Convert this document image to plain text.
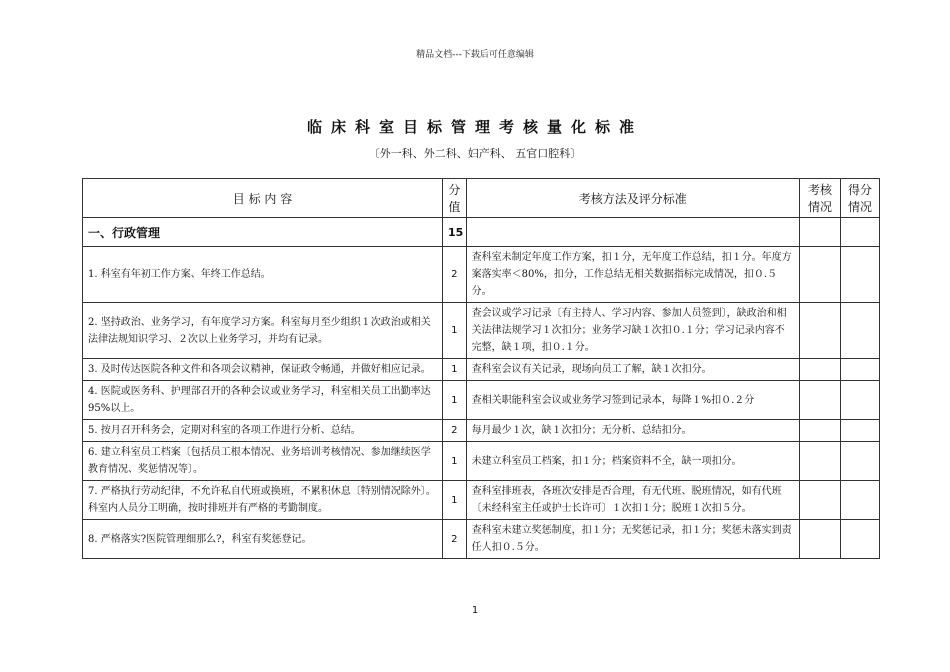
精品文档---下载后可任意编辑
临床科室目标管理考核量化标准
〔外一科、外二科、妇产科、 五官口腔科〕
目 标 内 容	分值	考核方法及评分标准	考核情况	得分情况
一、行政管理	15			
1. 科室有年初工作方案、年终工作总结。	2	查科室未制定年度工作方案，扣１分，无年度工作总结，扣１分。年度方案落实率＜80%，扣分，工作总结无相关数据指标完成情况，扣０.５分。		
2. 坚持政治、业务学习，有年度学习方案。科室每月至少组织１次政治或相关法律法规知识学习、２次以上业务学习，并均有记录。	1	查会议或学习记录〔有主持人、学习内容、参加人员签到〕，缺政治和相关法律法规学习１次扣分；业务学习缺１次扣０.１分；学习记录内容不完整，缺１项，扣０.１分。		
3. 及时传达医院各种文件和各项会议精神，保证政令畅通，并做好相应记录。	1	查科室会议有关记录，现场向员工了解，缺１次扣分。		
4. 医院或医务科、护理部召开的各种会议或业务学习，科室相关员工出勤率达 95%以上。	1	查相关职能科室会议或业务学习签到记录本，每降１%扣０.２分		
5. 按月召开科务会，定期对科室的各项工作进行分析、总结。	2	每月最少１次，缺１次扣分；无分析、总结扣分。		
6. 建立科室员工档案〔包括员工根本情况、业务培训考核情况、参加继续医学教育情况、奖惩情况等〕。	1	未建立科室员工档案，扣１分；档案资料不全，缺一项扣分。		
7. 严格执行劳动纪律，不允许私自代班或换班，不累积休息〔特别情况除外〕。科室内人员分工明确，按时排班并有严格的考勤制度。	1	查科室排班表，各班次安排是否合理，有无代班、脱班情况，如有代班〔未经科室主任或护士长许可〕１次扣１分；脱班１次扣５分。		
8. 严格落实?医院管理细那么?，科室有奖惩登记。	2	查科室未建立奖惩制度，扣１分；无奖惩记录，扣１分；奖惩未落实到责任人扣０.５分。		
1
